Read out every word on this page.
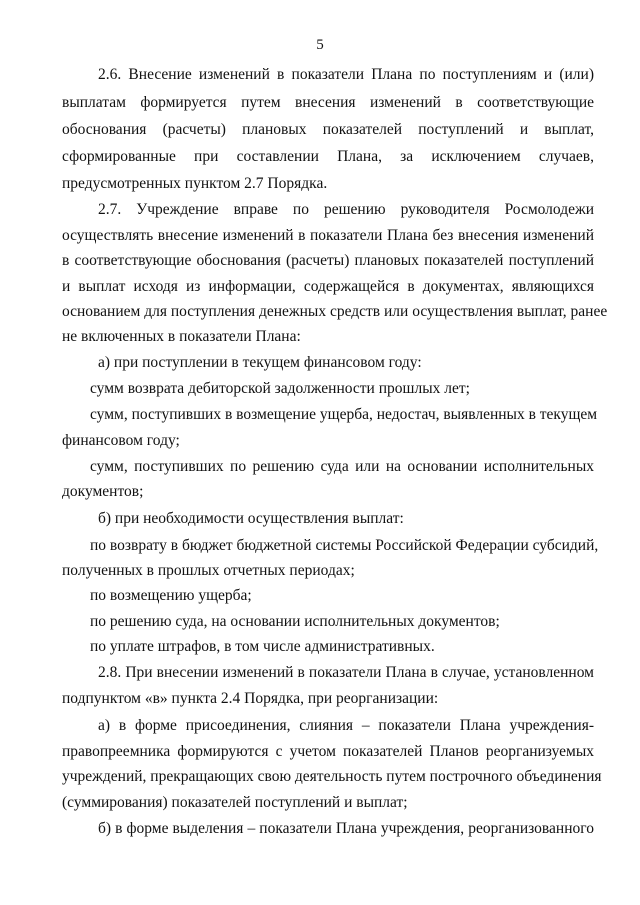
5
2.6. Внесение изменений в показатели Плана по поступлениям и (или)
выплатам формируется путем внесения изменений в соответствующие
обоснования (расчеты) плановых показателей поступлений и выплат,
сформированные при составлении Плана, за исключением случаев,
предусмотренных пунктом 2.7 Порядка.
2.7. Учреждение вправе по решению руководителя Росмолодежи
осуществлять внесение изменений в показатели Плана без внесения изменений
в соответствующие обоснования (расчеты) плановых показателей поступлений
и выплат исходя из информации, содержащейся в документах, являющихся
основанием для поступления денежных средств или осуществления выплат, ранее
не включенных в показатели Плана:
а) при поступлении в текущем финансовом году:
сумм возврата дебиторской задолженности прошлых лет;
сумм, поступивших в возмещение ущерба, недостач, выявленных в текущем
финансовом году;
сумм, поступивших по решению суда или на основании исполнительных
документов;
б) при необходимости осуществления выплат:
по возврату в бюджет бюджетной системы Российской Федерации субсидий,
полученных в прошлых отчетных периодах;
по возмещению ущерба;
по решению суда, на основании исполнительных документов;
по уплате штрафов, в том числе административных.
2.8. При внесении изменений в показатели Плана в случае, установленном
подпунктом «в» пункта 2.4 Порядка, при реорганизации:
а) в форме присоединения, слияния – показатели Плана учреждения-
правопреемника формируются с учетом показателей Планов реорганизуемых
учреждений, прекращающих свою деятельность путем построчного объединения
(суммирования) показателей поступлений и выплат;
б) в форме выделения – показатели Плана учреждения, реорганизованного
